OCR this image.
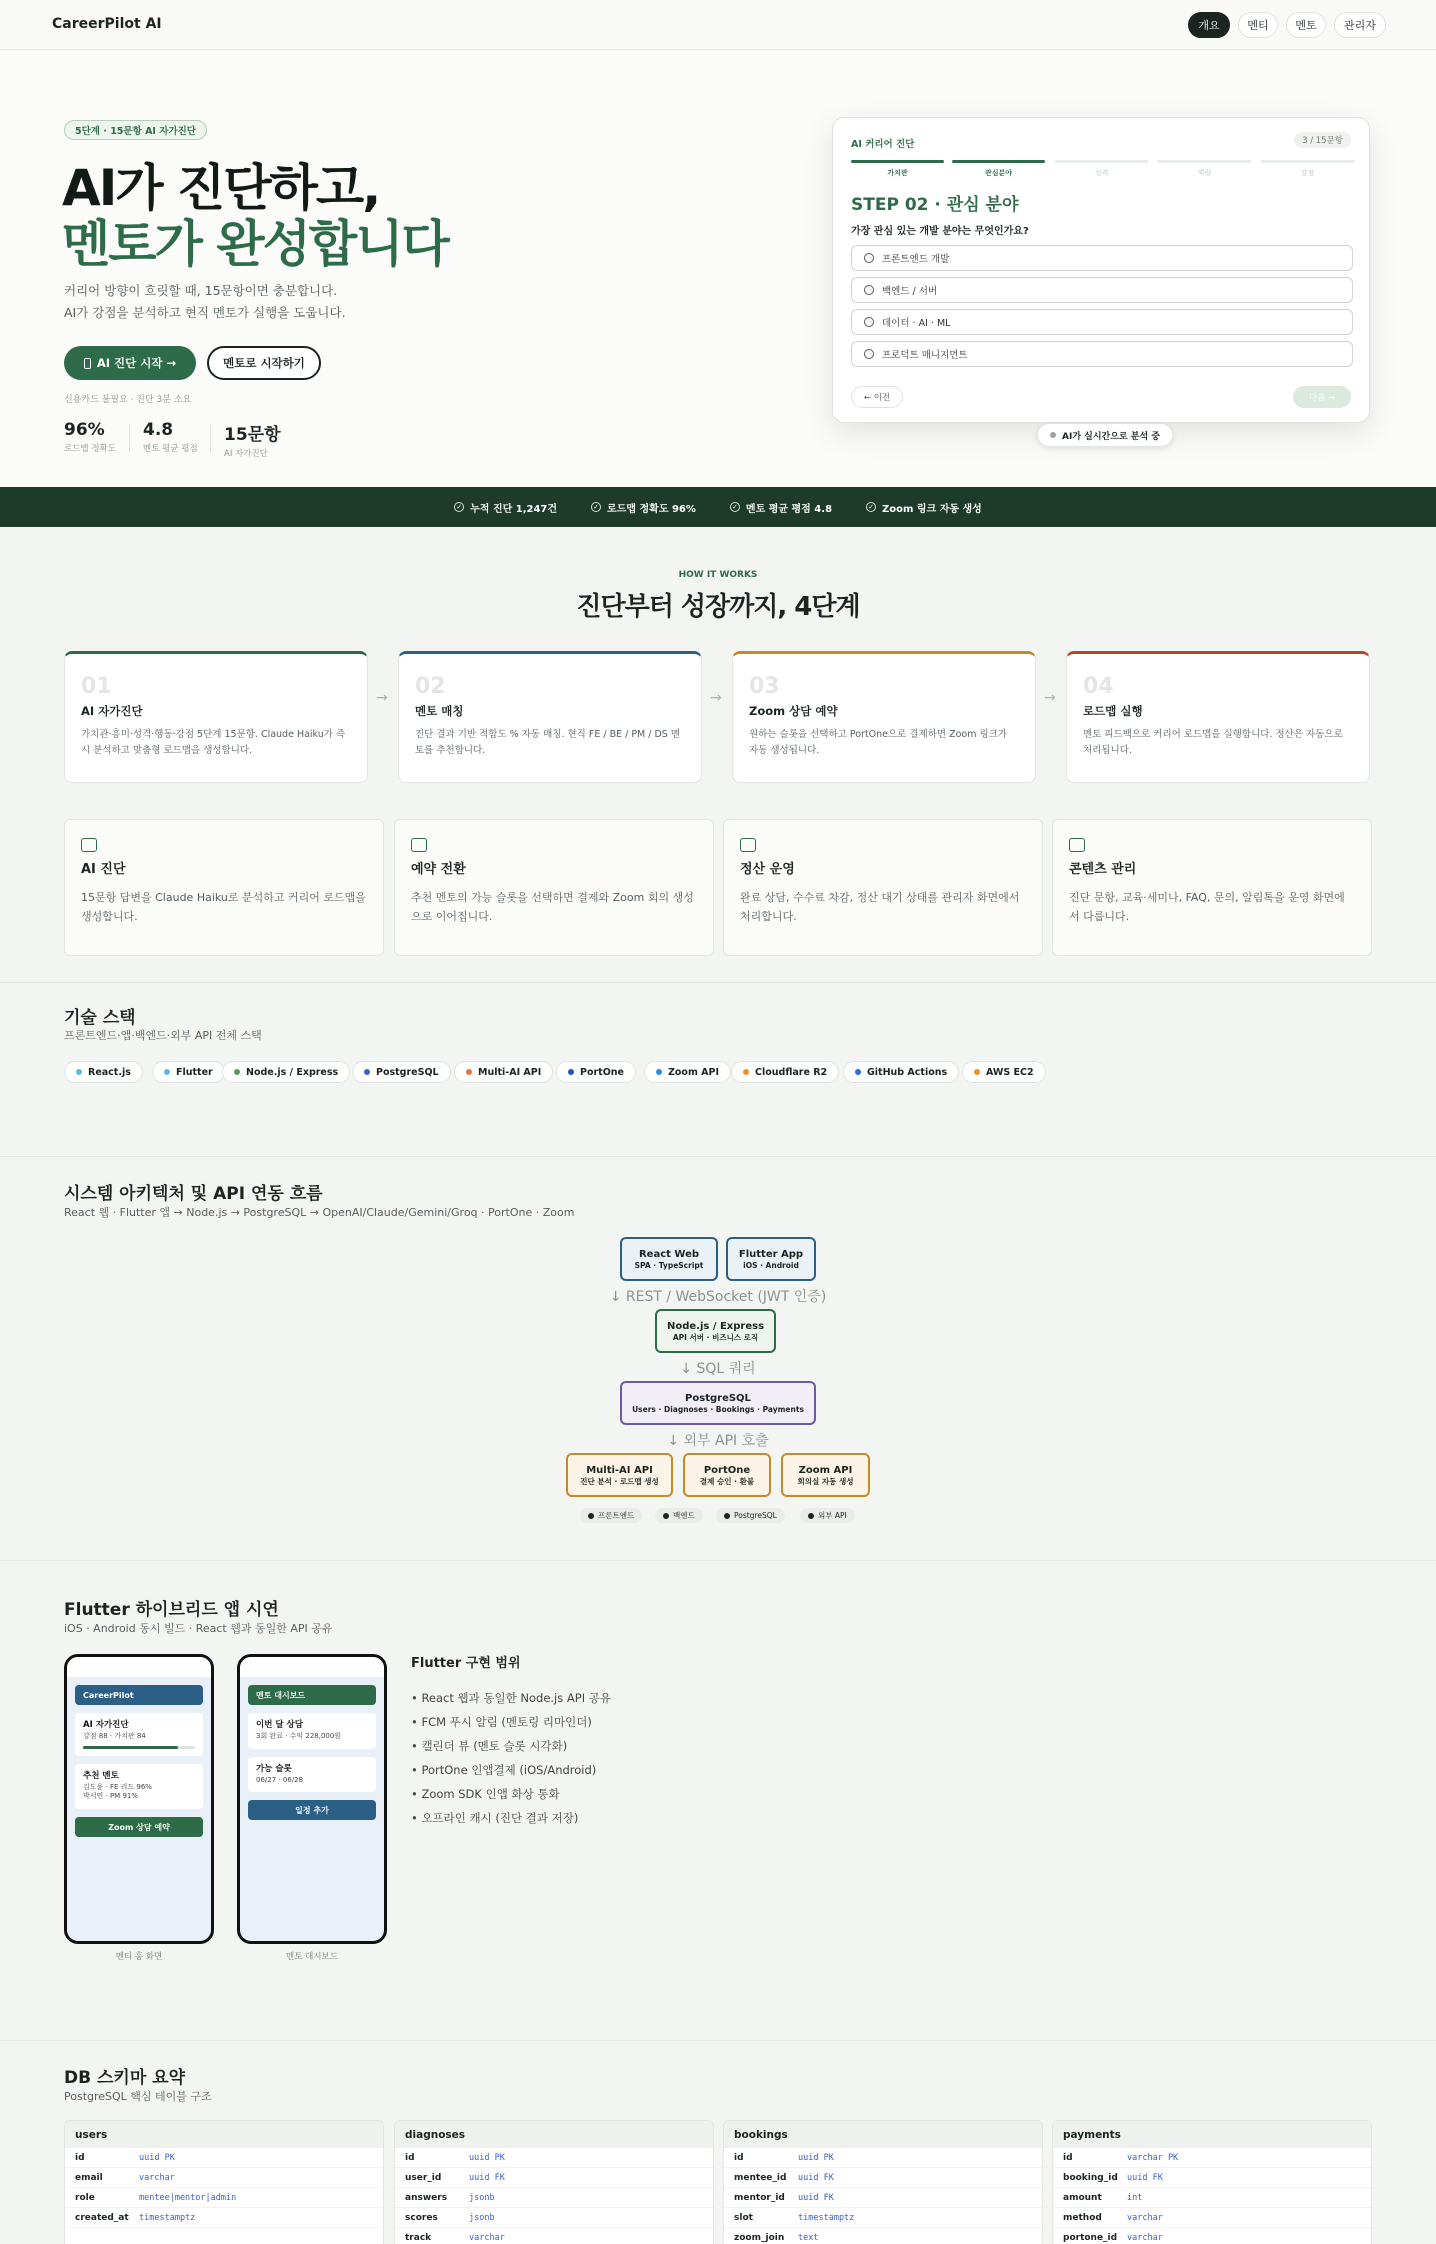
CareerPilot AI	개요	멘티	멘토	관리자
5단계 · 15문항 AI 자가진단
AI가 진단하고,
멘토가 완성합니다
커리어 방향이 흐릿할 때, 15문항이면 충분합니다.
AI가 강점을 분석하고 현직 멘토가 실행을 도웁니다.
AI 진단 시작 →	멘토로 시작하기
신용카드 불필요 · 진단 3분 소요
96%
로드맵 정확도
4.8
멘토 평균 평점
15문항
AI 자가진단
AI 커리어 진단	3 / 15문항
가치관	관심분야	성격	역량	강점
STEP 02 · 관심 분야
가장 관심 있는 개발 분야는 무엇인가요?
프론트엔드 개발
백엔드 / 서버
데이터 · AI · ML
프로덕트 매니지먼트
← 이전	다음 →
AI가 실시간으로 분석 중
✓ 누적 진단 1,247건	✓ 로드맵 정확도 96%	✓ 멘토 평균 평점 4.8	✓ Zoom 링크 자동 생성
HOW IT WORKS
진단부터 성장까지, 4단계
01
AI 자가진단
가치관·흥미·성격·행동·강점 5단계 15문항. Claude Haiku가 즉시 분석하고 맞춤형 로드맵을 생성합니다.
→ 02
멘토 매칭
진단 결과 기반 적합도 % 자동 매칭. 현직 FE / BE / PM / DS 멘토를 추천합니다.
→ 03
Zoom 상담 예약
원하는 슬롯을 선택하고 PortOne으로 결제하면 Zoom 링크가 자동 생성됩니다.
→ 04
로드맵 실행
멘토 피드백으로 커리어 로드맵을 실행합니다. 정산은 자동으로 처리됩니다.
AI 진단
15문항 답변을 Claude Haiku로 분석하고 커리어 로드맵을 생성합니다.
예약 전환
추천 멘토의 가능 슬롯을 선택하면 결제와 Zoom 회의 생성으로 이어집니다.
정산 운영
완료 상담, 수수료 차감, 정산 대기 상태를 관리자 화면에서 처리합니다.
콘텐츠 관리
진단 문항, 교육·세미나, FAQ, 문의, 알림톡을 운영 화면에서 다룹니다.
기술 스택
프론트엔드·앱·백엔드·외부 API 전체 스택
React.js	Flutter	Node.js / Express	PostgreSQL	Multi-AI API	PortOne	Zoom API	Cloudflare R2	GitHub Actions	AWS EC2
시스템 아키텍처 및 API 연동 흐름
React 웹 · Flutter 앱 → Node.js → PostgreSQL → OpenAI/Claude/Gemini/Groq · PortOne · Zoom
React Web
SPA · TypeScript
Flutter App
iOS · Android
↓ REST / WebSocket (JWT 인증)
Node.js / Express
API 서버 · 비즈니스 로직
↓ SQL 쿼리
PostgreSQL
Users · Diagnoses · Bookings · Payments
↓ 외부 API 호출
Multi-AI API
진단 분석 · 로드맵 생성
PortOne
결제 승인 · 환불
Zoom API
회의실 자동 생성
프론트엔드	백엔드	PostgreSQL	외부 API
Flutter 하이브리드 앱 시연
iOS · Android 동시 빌드 · React 웹과 동일한 API 공유
CareerPilot
AI 자가진단
강점 88 · 가치관 84
추천 멘토
김도윤 · FE 리드 96%
박서연 · PM 91%
Zoom 상담 예약
멘티 홈 화면
멘토 대시보드
이번 달 상담
3회 완료 · 수익 228,000원
가능 슬롯
06/27 · 06/28
일정 추가
멘토 대시보드
Flutter 구현 범위
• React 웹과 동일한 Node.js API 공유
• FCM 푸시 알림 (멘토링 리마인더)
• 캘린더 뷰 (멘토 슬롯 시각화)
• PortOne 인앱결제 (iOS/Android)
• Zoom SDK 인앱 화상 통화
• 오프라인 캐시 (진단 결과 저장)
DB 스키마 요약
PostgreSQL 핵심 테이블 구조
users
id	uuid PK
email	varchar
role	mentee|mentor|admin
created_at	timestamptz
diagnoses
id	uuid PK
user_id	uuid FK
answers	jsonb
scores	jsonb
track	varchar
bookings
id	uuid PK
mentee_id	uuid FK
mentor_id	uuid FK
slot	timestamptz
zoom_join	text
payments
id	varchar PK
booking_id	uuid FK
amount	int
method	varchar
portone_id	varchar
